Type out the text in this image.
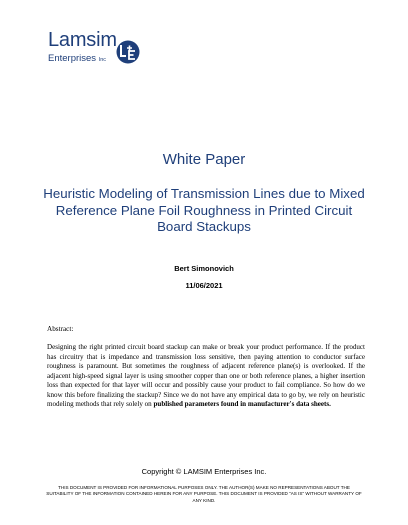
Lamsim
Enterprises Inc
White Paper
Heuristic Modeling of Transmission Lines due to Mixed Reference Plane Foil Roughness in Printed Circuit Board Stackups
Bert Simonovich
11/06/2021
Abstract:
Designing the right printed circuit board stackup can make or break your product performance. If the product has circuitry that is impedance and transmission loss sensitive, then paying attention to conductor surface roughness is paramount. But sometimes the roughness of adjacent reference plane(s) is overlooked. If the adjacent high-speed signal layer is using smoother copper than one or both reference planes, a higher insertion loss than expected for that layer will occur and possibly cause your product to fail compliance. So how do we know this before finalizing the stackup? Since we do not have any empirical data to go by, we rely on heuristic modeling methods that rely solely on published parameters found in manufacturer's data sheets.
Copyright © LAMSIM Enterprises Inc.
THIS DOCUMENT IS PROVIDED FOR INFORMATIONAL PURPOSES ONLY. THE AUTHOR(S) MAKE NO REPRESENTATIONS ABOUT THE SUITABILITY OF THE INFORMATION CONTAINED HEREIN FOR ANY PURPOSE. THIS DOCUMENT IS PROVIDED "AS IS" WITHOUT WARRANTY OF ANY KIND.
